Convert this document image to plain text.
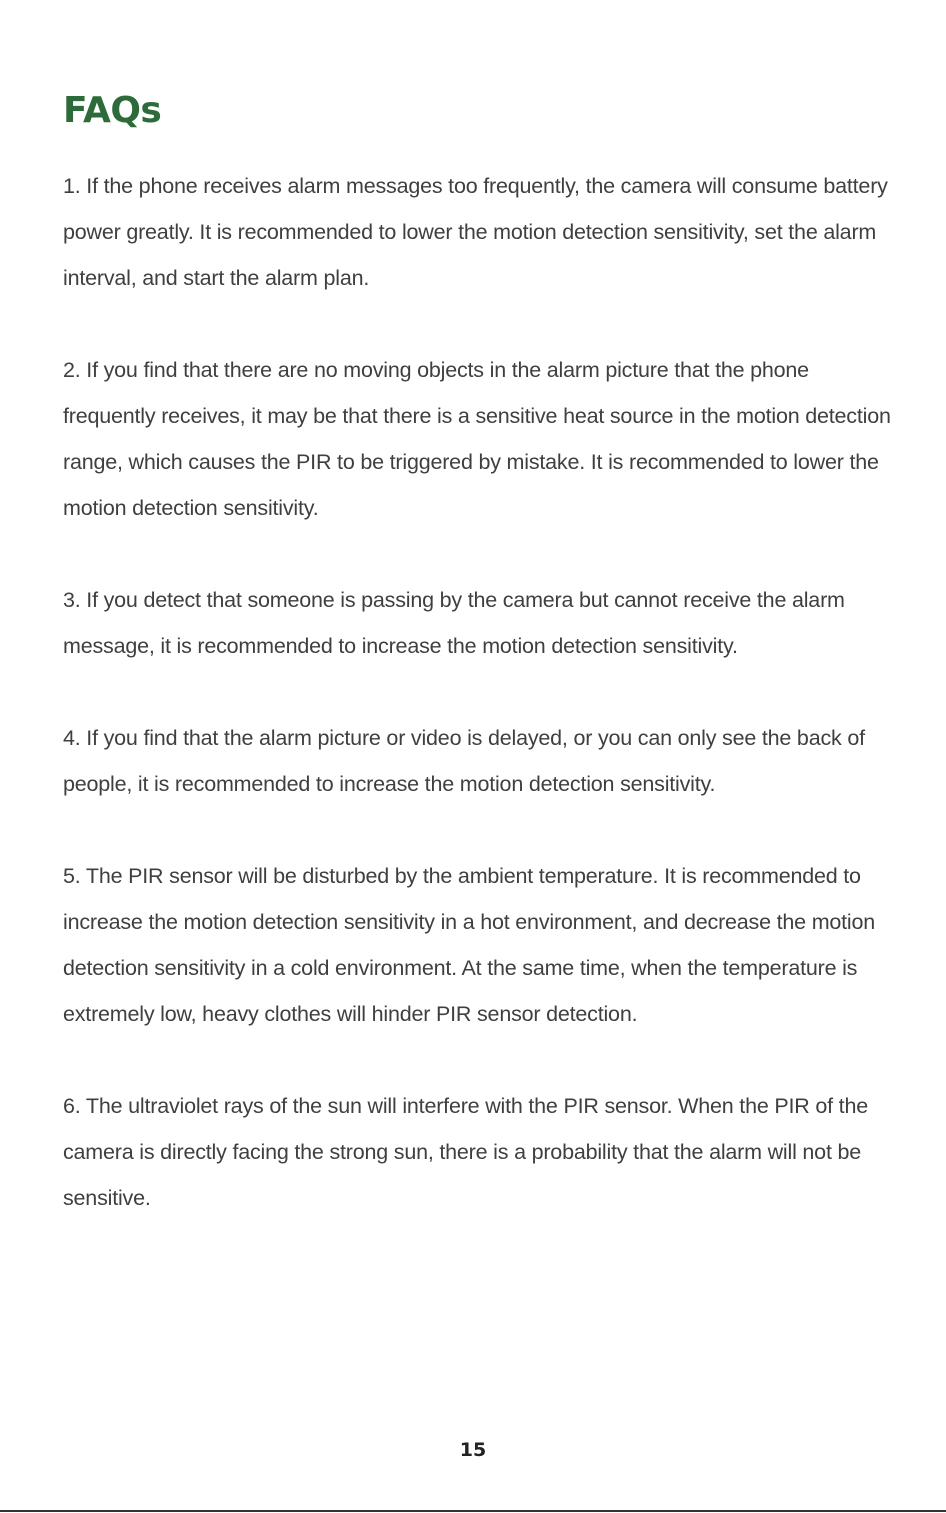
FAQs
1. If the phone receives alarm messages too frequently, the camera will consume battery power greatly. It is recommended to lower the motion detection sensitivity, set the alarm interval, and start the alarm plan.
2. If you find that there are no moving objects in the alarm picture that the phone frequently receives, it may be that there is a sensitive heat source in the motion detection range, which causes the PIR to be triggered by mistake. It is recommended to lower the motion detection sensitivity.
3. If you detect that someone is passing by the camera but cannot receive the alarm message, it is recommended to increase the motion detection sensitivity.
4. If you find that the alarm picture or video is delayed, or you can only see the back of people, it is recommended to increase the motion detection sensitivity.
5. The PIR sensor will be disturbed by the ambient temperature. It is recommended to increase the motion detection sensitivity in a hot environment, and decrease the motion detection sensitivity in a cold environment. At the same time, when the temperature is extremely low, heavy clothes will hinder PIR sensor detection.
6. The ultraviolet rays of the sun will interfere with the PIR sensor. When the PIR of the camera is directly facing the strong sun, there is a probability that the alarm will not be sensitive.
15
